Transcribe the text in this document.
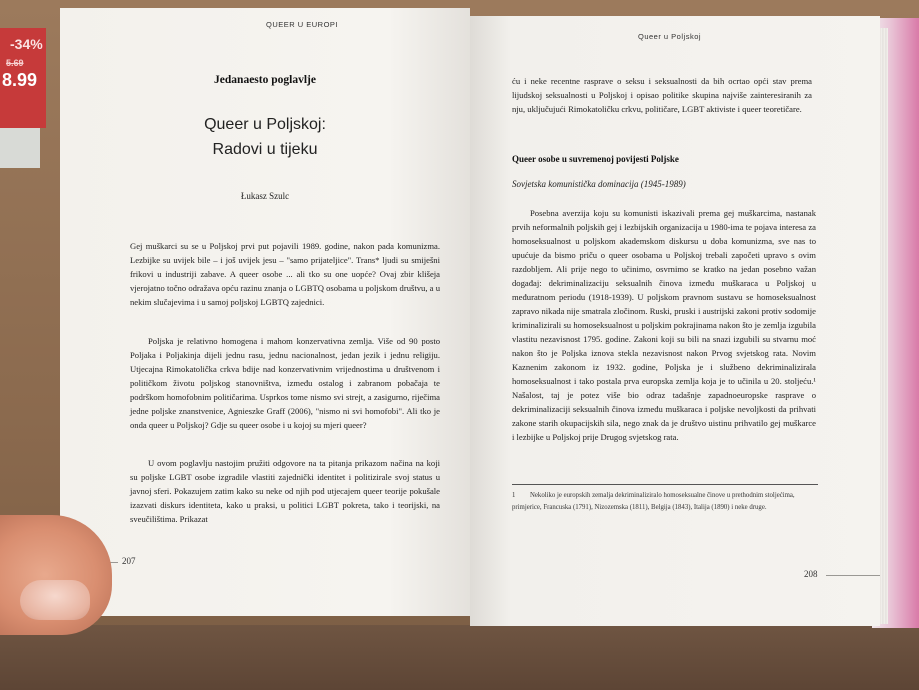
-34%
5.69
8.99
QUEER U EUROPI
Jedanaesto poglavlje
Queer u Poljskoj:
Radovi u tijeku
Łukasz Szulc

Gej muškarci su se u Poljskoj prvi put pojavili 1989. godine, nakon pada komunizma. Lezbijke su uvijek bile – i još uvijek jesu – "samo prijateljice". Trans* ljudi su smiješni frikovi u industriji zabave. A queer osobe ... ali tko su one uopće? Ovaj zbir klišeja vjerojatno točno odražava opću razinu znanja o LGBTQ osobama u poljskom društvu, a u nekim slučajevima i u samoj poljskoj LGBTQ zajednici.

Poljska je relativno homogena i mahom konzervativna zemlja. Više od 90 posto Poljaka i Poljakinja dijeli jednu rasu, jednu nacionalnost, jedan jezik i jednu religiju. Utjecajna Rimokatolička crkva bdije nad konzervativnim vrijednostima u društvenom i političkom životu poljskog stanovništva, između ostalog i zabranom pobačaja te podrškom homofobnim političarima. Usprkos tome nismo svi strejt, a zasigurno, riječima jedne poljske znanstvenice, Agnieszke Graff (2006), "nismo ni svi homofobi". Ali tko je onda queer u Poljskoj? Gdje su queer osobe i u kojoj su mjeri queer?

U ovom poglavlju nastojim pružiti odgovore na ta pitanja prikazom načina na koji su poljske LGBT osobe izgradile vlastiti zajednički identitet i politizirale svoj status u javnoj sferi. Pokazujem zatim kako su neke od njih pod utjecajem queer teorije pokušale izazvati diskurs identiteta, kako u praksi, u politici LGBT pokreta, tako i teorijski, na sveučilištima. Prikazat

207
Queer u Poljskoj

ću i neke recentne rasprave o seksu i seksualnosti da bih ocrtao opći stav prema lijudskoj seksualnosti u Poljskoj i opisao politike skupina najviše zainteresiranih za nju, uključujući Rimokatoličku crkvu, političare, LGBT aktiviste i queer teoretičare.

Queer osobe u suvremenoj povijesti Poljske
Sovjetska komunistička dominacija (1945-1989)

Posebna averzija koju su komunisti iskazivali prema gej muškarcima, nastanak prvih neformalnih poljskih gej i lezbijskih organizacija u 1980-ima te pojava interesa za homoseksualnost u poljskom akademskom diskursu u doba komunizma, sve nas to upućuje da bismo priču o queer osobama u Poljskoj trebali započeti upravo s ovim razdobljem. Ali prije nego to učinimo, osvrnimo se kratko na jedan posebno važan događaj: dekriminalizaciju seksualnih činova između muškaraca u Poljskoj u međuratnom periodu (1918-1939). U poljskom pravnom sustavu se homoseksualnost zapravo nikada nije smatrala zločinom. Ruski, pruski i austrijski zakoni protiv sodomije kriminalizirali su homoseksualnost u poljskim pokrajinama nakon što je zemlja izgubila vlastitu nezavisnost 1795. godine. Zakoni koji su bili na snazi izgubili su stvarnu moć nakon što je Poljska iznova stekla nezavisnost nakon Prvog svjetskog rata. Novim Kaznenim zakonom iz 1932. godine, Poljska je i službeno dekriminalizirala homoseksualnost i tako postala prva europska zemlja koja je to učinila u 20. stoljeću.¹ Našalost, taj je potez više bio odraz tadašnje zapadnoeuropske rasprave o dekriminalizaciji seksualnih činova između muškaraca i poljske nevoljkosti da prihvati zakone starih okupacijskih sila, nego znak da je društvo uistinu prihvatilo gej muškarce i lezbijke u Poljskoj prije Drugog svjetskog rata.

1 Nekoliko je europskih zemalja dekriminaliziralo homoseksualne činove u prethodnim stoljećima, primjerice, Francuska (1791), Nizozemska (1811), Belgija (1843), Italija (1890) i neke druge.

208
